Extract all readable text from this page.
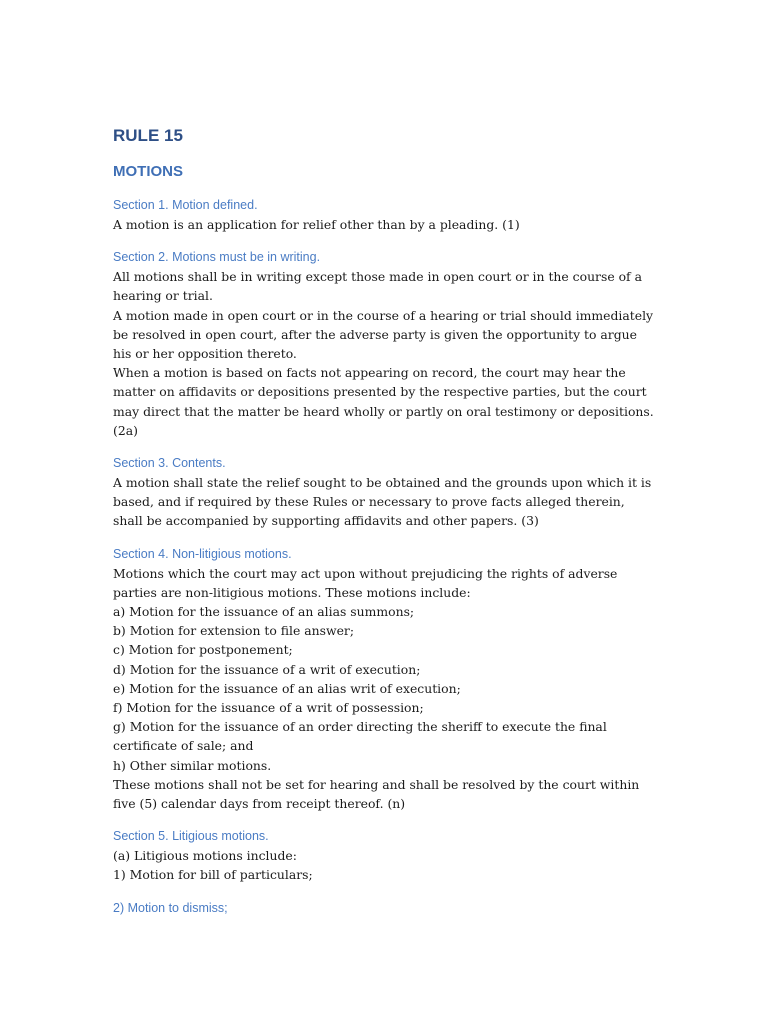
RULE 15
MOTIONS

Section 1. Motion defined.

A motion is an application for relief other than by a pleading. (1)

Section 2. Motions must be in writing.

All motions shall be in writing except those made in open court or in the course of a hearing or trial.

A motion made in open court or in the course of a hearing or trial should immediately be resolved in open court, after the adverse party is given the opportunity to argue his or her opposition thereto.

When a motion is based on facts not appearing on record, the court may hear the matter on affidavits or depositions presented by the respective parties, but the court may direct that the matter be heard wholly or partly on oral testimony or depositions. (2a)

Section 3. Contents.

A motion shall state the relief sought to be obtained and the grounds upon which it is based, and if required by these Rules or necessary to prove facts alleged therein, shall be accompanied by supporting affidavits and other papers. (3)

Section 4. Non-litigious motions.

Motions which the court may act upon without prejudicing the rights of adverse parties are non-litigious motions. These motions include:

a) Motion for the issuance of an alias summons;

b) Motion for extension to file answer;

c) Motion for postponement;

d) Motion for the issuance of a writ of execution;

e) Motion for the issuance of an alias writ of execution;

f) Motion for the issuance of a writ of possession;

g) Motion for the issuance of an order directing the sheriff to execute the final certificate of sale; and

h) Other similar motions.

These motions shall not be set for hearing and shall be resolved by the court within five (5) calendar days from receipt thereof. (n)

Section 5. Litigious motions.

(a) Litigious motions include:

1) Motion for bill of particulars;

2) Motion to dismiss;
